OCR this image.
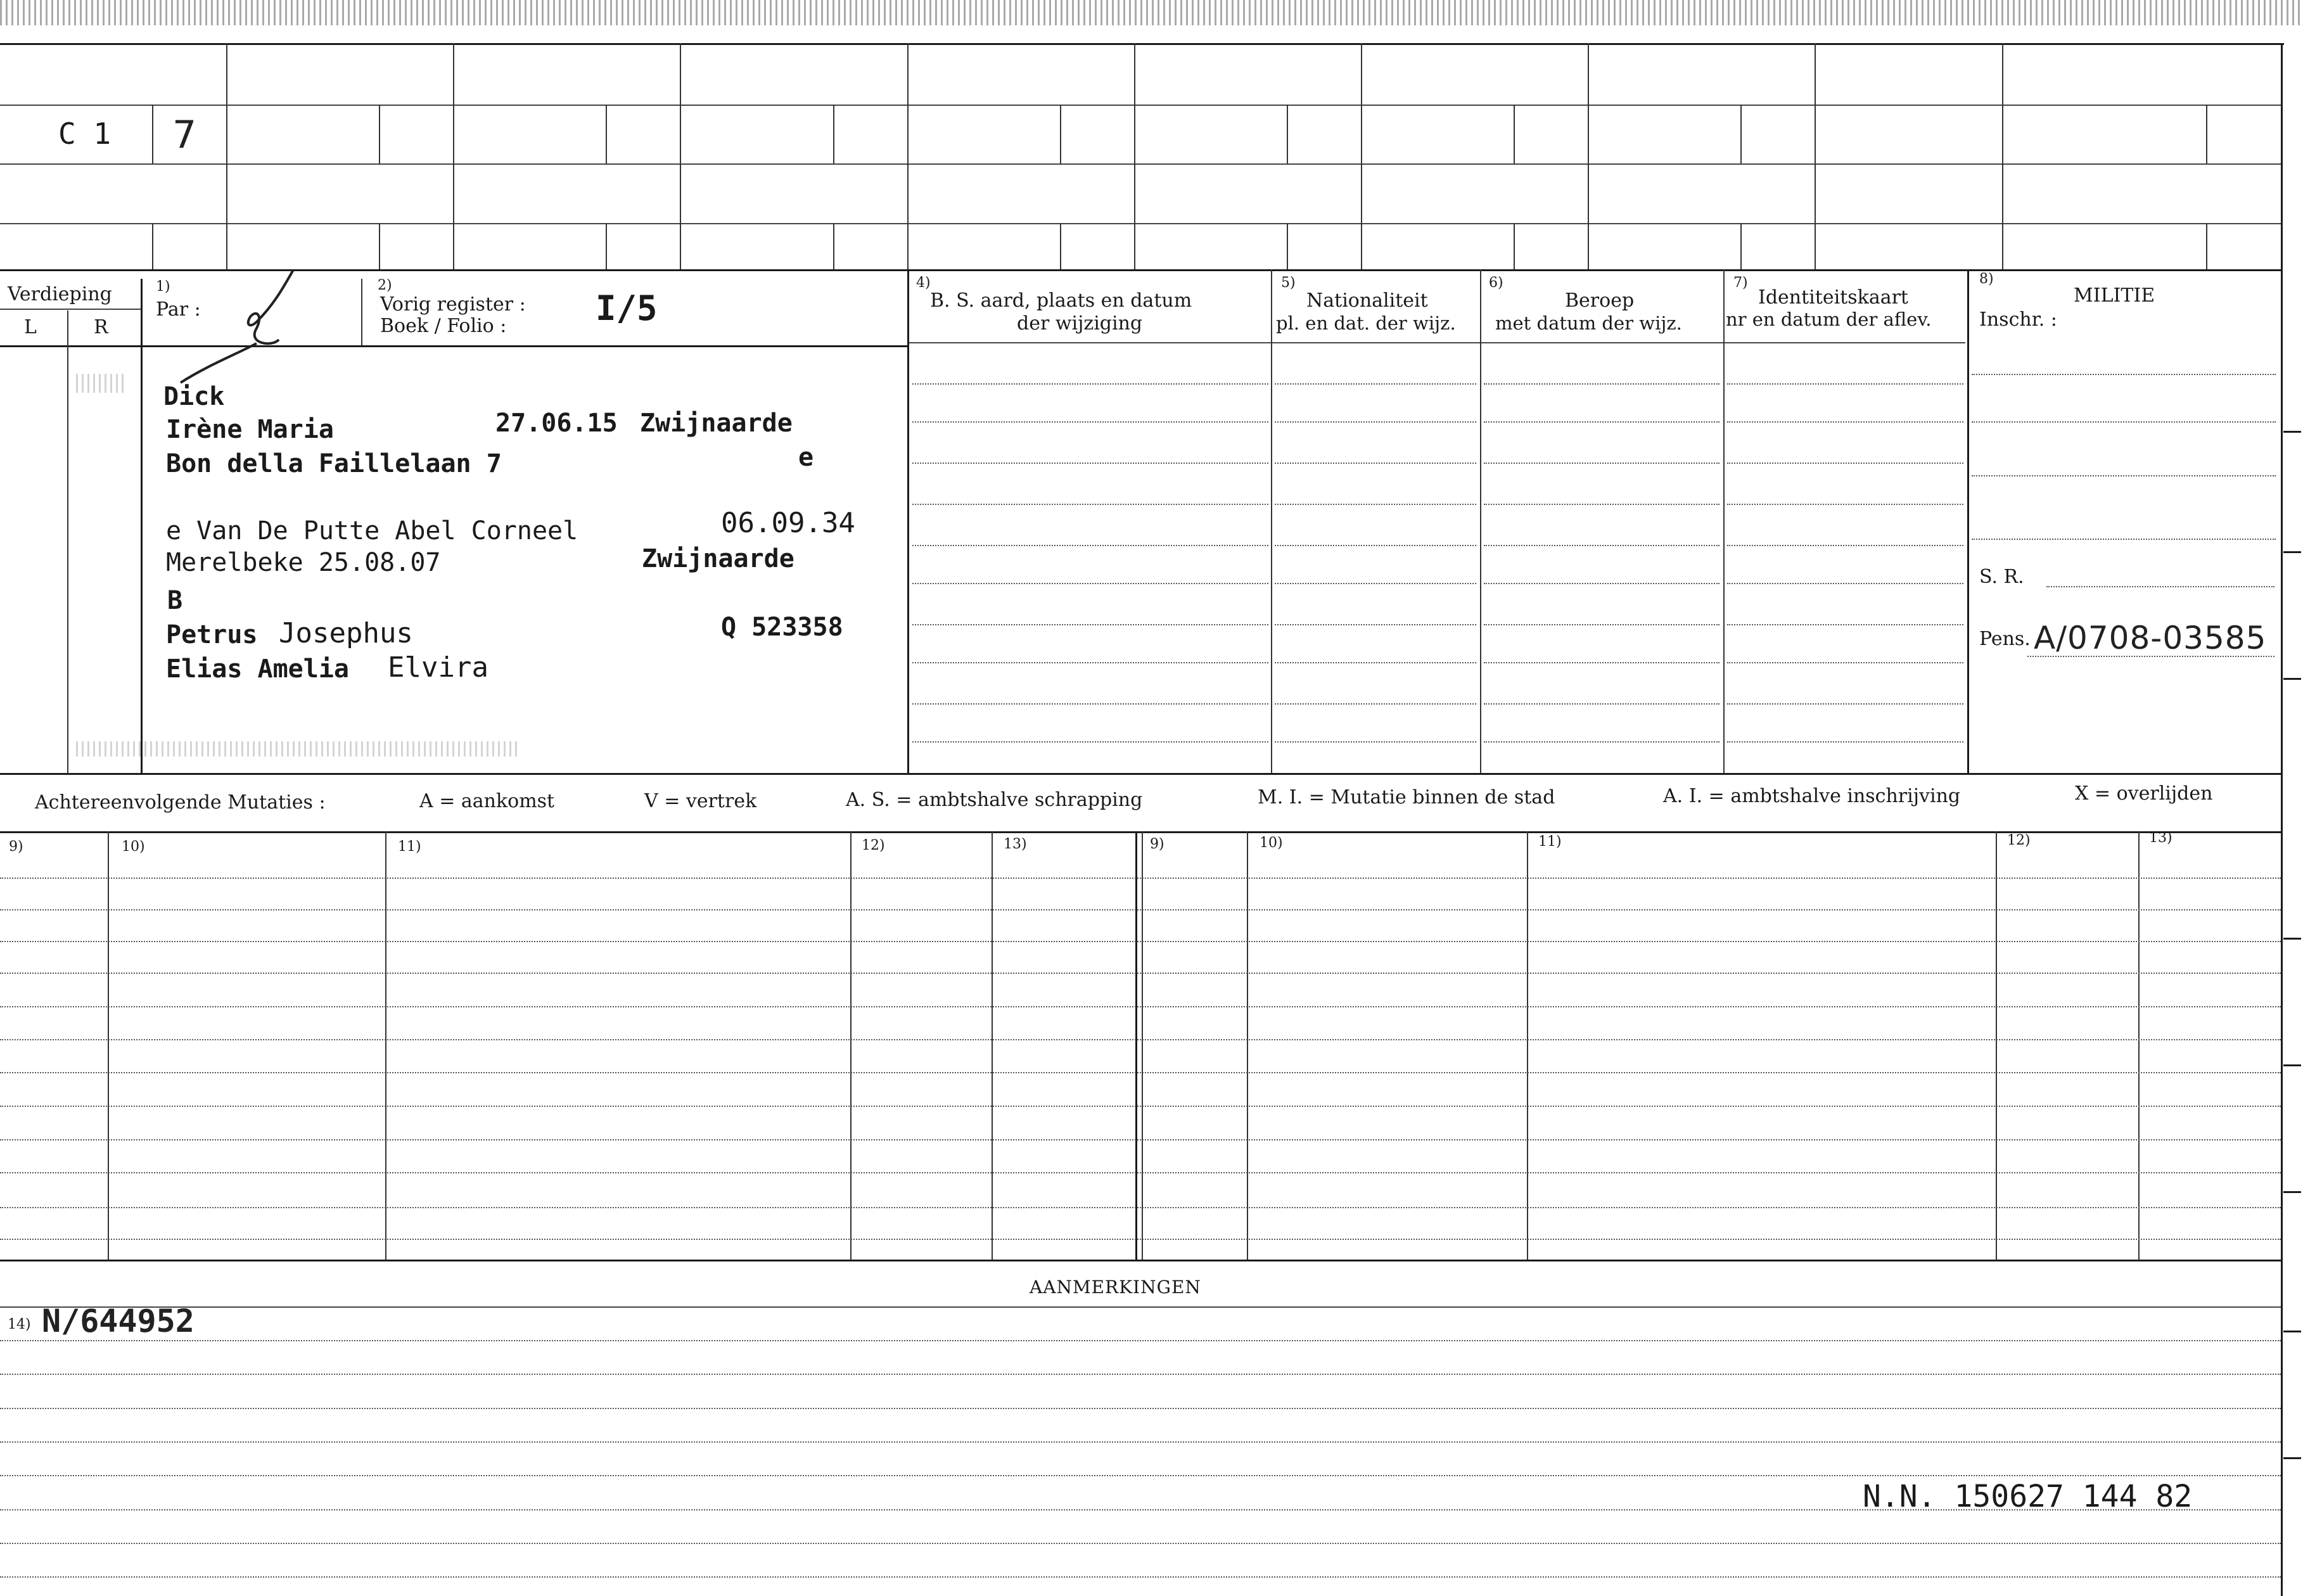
C 1 7
Verdieping
L	R
1)
Par :
2)
Vorig register :
Boek / Folio :	I/5
4)
B. S. aard, plaats en datum
der wijziging
5)
Nationaliteit
pl. en dat. der wijz.
6)
Beroep
met datum der wijz.
7)
Identiteitskaart
nr en datum der aflev.
8)
MILITIE
Inschr. :
S. R.
Pens. A/0708-03585
Dick
Irène Maria	27.06.15 Zwijnaarde
Bon della Faillelaan 7	e
e Van De Putte Abel Corneel	06.09.34
Merelbeke 25.08.07	Zwijnaarde
B
Petrus Josephus	Q 523358
Elias Amelia Elvira
Achtereenvolgende Mutaties :	A = aankomst	V = vertrek	A. S. = ambtshalve schrapping	M. I. = Mutatie binnen de stad	A. I. = ambtshalve inschrijving	X = overlijden
9)	10)	11)	12)	13)	9)	10)	11)	12)	13)
AANMERKINGEN
14) N/644952
N.N. 150627 144 82
